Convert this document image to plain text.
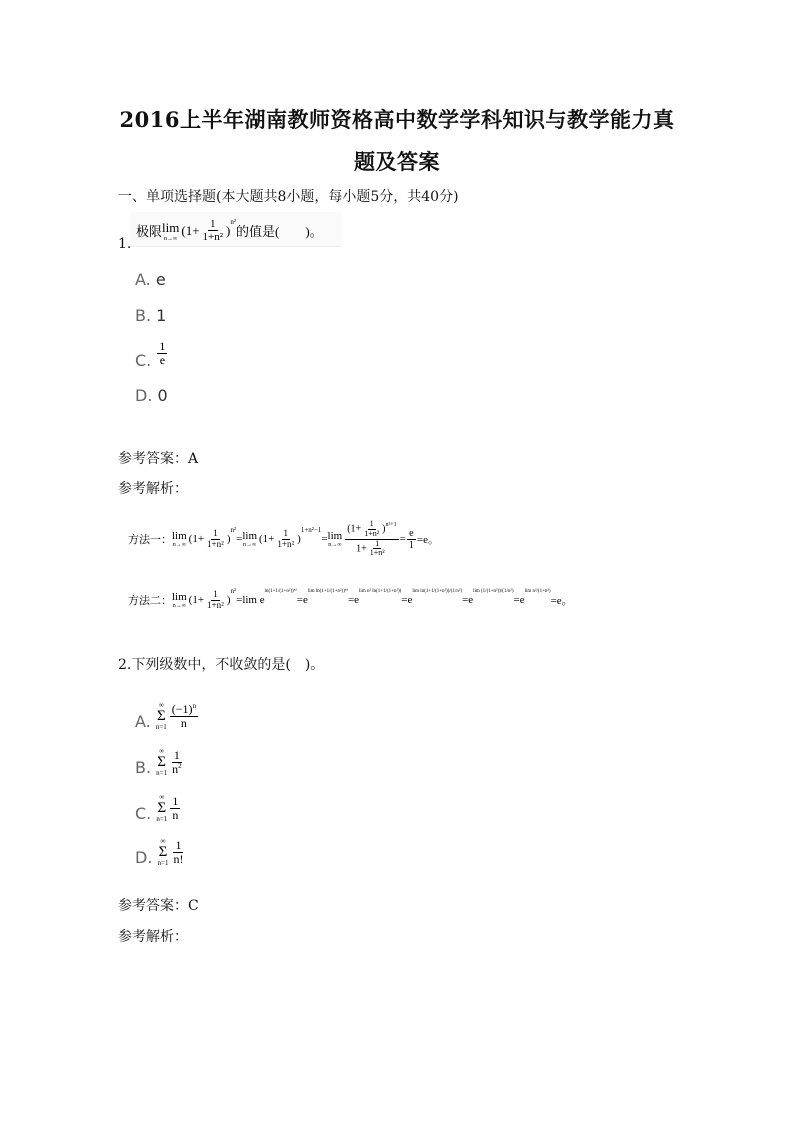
2016上半年湖南教师资格高中数学学科知识与教学能力真
题及答案
一、单项选择题(本大题共8小题，每小题5分，共40分)
极限 lim
n→∞
($1+ \frac{1}{\text{1+n²}}$ )
n²
的值是(　　)。
1.
A. e
B. 1
C. $\frac{1}{e}$
D. 0
参考答案：A
参考解析：
方法一： lim
n→∞ ($1+ \frac{1}{\text{1+n²}}$ )
n²
= lim
n→∞ ($1+ \frac{1}{\text{1+n²}}$ )
1+n²−1
= lim
$n\to\infty \frac{(1+ \frac{1}{\text{1+n²}} )^{n^2+1}}{1+ \frac{1}{\text{1+n²}}} = \frac{e}{1} =e$。
方法二： lim
n→∞ ($1+ \frac{1}{\text{1+n²}}$ )
n²
=lim e
ln(1+1/(1+n²))ⁿ²
=e
lim ln(1+1/(1+n²))ⁿ²
=e
lim n² ln(1+1/(1+n²))
=e
lim ln(1+1/(1+n²))/(1/n²)
=e
lim (1/(1+n²))/(1/n²)
=e
lim n²/(1+n²)
=e。
2.下列级数中，不收敛的是(　)。
A.
∞
Σ
$n=1 \frac{(-1)^n}{n}$
B.
∞
Σ
$n=1 \frac{1}{n^2}$
C.
∞
Σ
$n=1 \frac{1}{n}$
D.
∞
Σ
$n=1 \frac{1}{n!}$
参考答案：C
参考解析：
